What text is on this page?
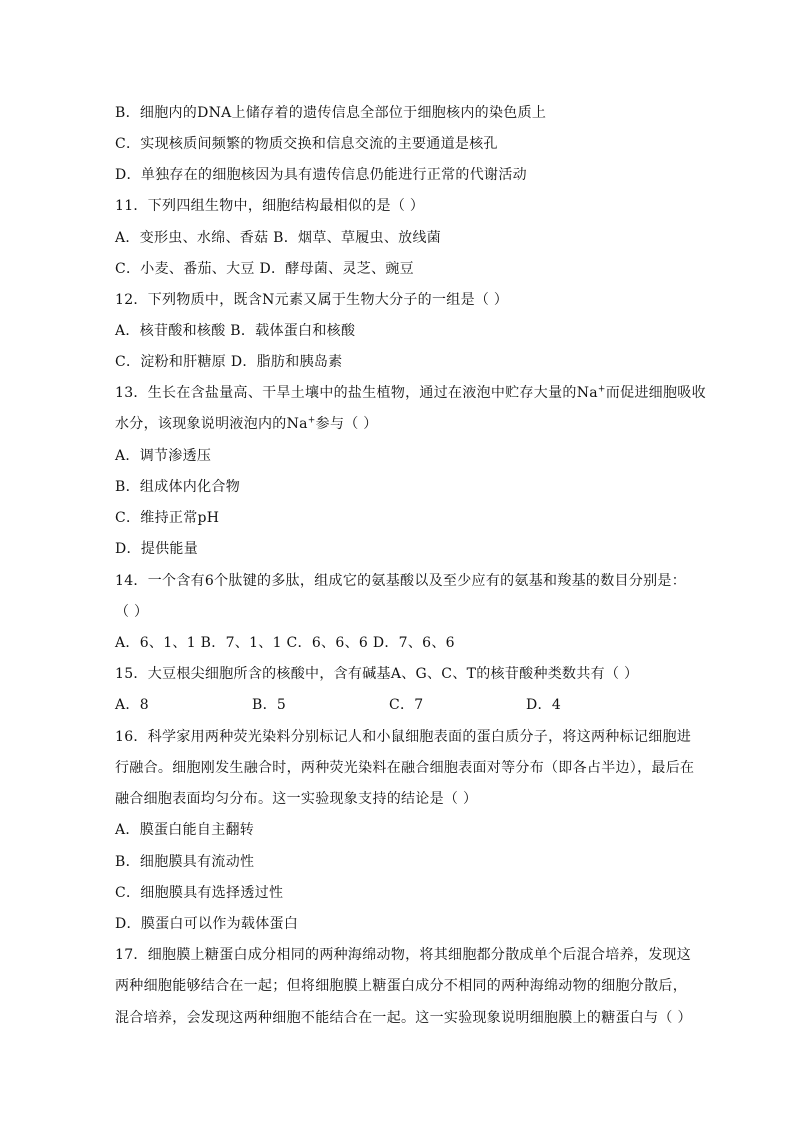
B．细胞内的DNA上储存着的遗传信息全部位于细胞核内的染色质上
C．实现核质间频繁的物质交换和信息交流的主要通道是核孔
D．单独存在的细胞核因为具有遗传信息仍能进行正常的代谢活动
11．下列四组生物中，细胞结构最相似的是（ ）
A．变形虫、水绵、香菇 B．烟草、草履虫、放线菌
C．小麦、番茄、大豆 D．酵母菌、灵芝、豌豆
12．下列物质中，既含N元素又属于生物大分子的一组是（ ）
A．核苷酸和核酸 B．载体蛋白和核酸
C．淀粉和肝糖原 D．脂肪和胰岛素
13．生长在含盐量高、干旱土壤中的盐生植物，通过在液泡中贮存大量的Na+而促进细胞吸收
水分，该现象说明液泡内的Na+参与（ ）
A．调节渗透压
B．组成体内化合物
C．维持正常pH
D．提供能量
14．一个含有6个肽键的多肽，组成它的氨基酸以及至少应有的氨基和羧基的数目分别是：
（ ）
A．6、1、1 B．7、1、1 C．6、6、6 D．7、6、6
15．大豆根尖细胞所含的核酸中，含有碱基A、G、C、T的核苷酸种类数共有（ ）
A．8	B．5	C．7	D．4
16．科学家用两种荧光染料分别标记人和小鼠细胞表面的蛋白质分子，将这两种标记细胞进
行融合。细胞刚发生融合时，两种荧光染料在融合细胞表面对等分布（即各占半边），最后在
融合细胞表面均匀分布。这一实验现象支持的结论是（ ）
A．膜蛋白能自主翻转
B．细胞膜具有流动性
C．细胞膜具有选择透过性
D．膜蛋白可以作为载体蛋白
17．细胞膜上糖蛋白成分相同的两种海绵动物，将其细胞都分散成单个后混合培养，发现这
两种细胞能够结合在一起；但将细胞膜上糖蛋白成分不相同的两种海绵动物的细胞分散后，
混合培养，会发现这两种细胞不能结合在一起。这一实验现象说明细胞膜上的糖蛋白与（ ）
